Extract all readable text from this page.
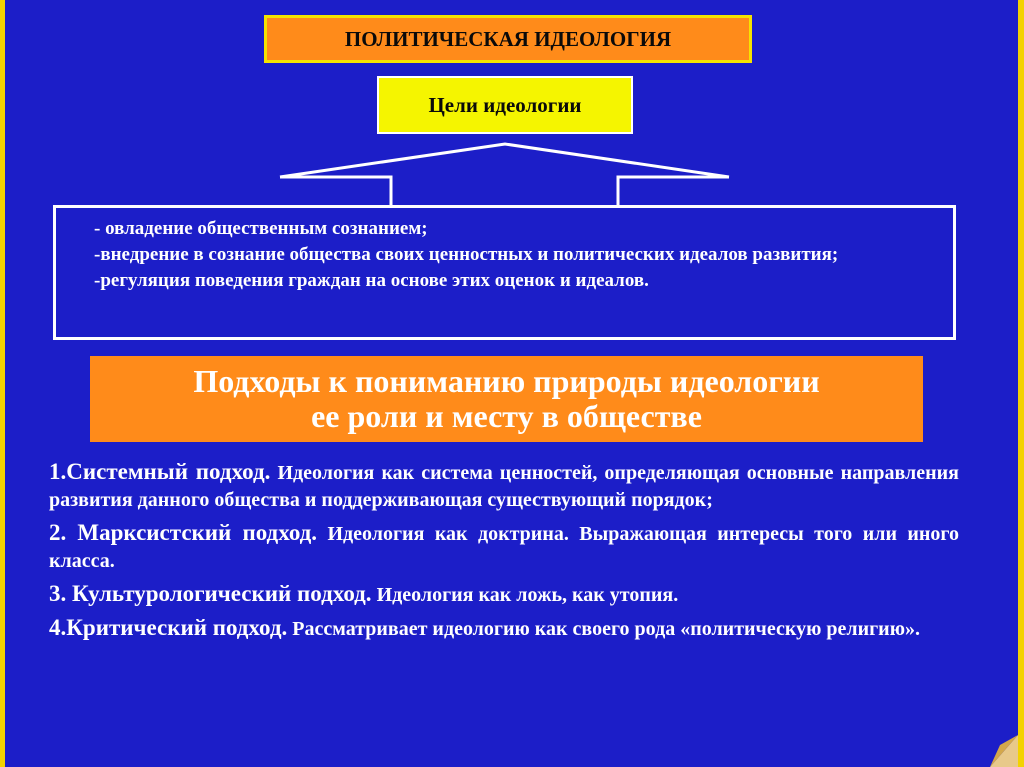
ПОЛИТИЧЕСКАЯ ИДЕОЛОГИЯ
Цели идеологии
- овладение общественным сознанием;
-внедрение в сознание общества своих ценностных и политических идеалов развития;
-регуляция поведения граждан на основе этих оценок и идеалов.
Подходы к пониманию природы идеологии
ее роли и месту в обществе
1.Системный подход. Идеология как система ценностей, определяющая основные направления развития данного общества и поддерживающая существующий порядок;
2. Марксистский подход. Идеология как доктрина. Выражающая интересы того или иного класса.
3. Культурологический подход. Идеология как ложь, как утопия.
4.Критический подход. Рассматривает идеологию как своего рода «политическую религию».
